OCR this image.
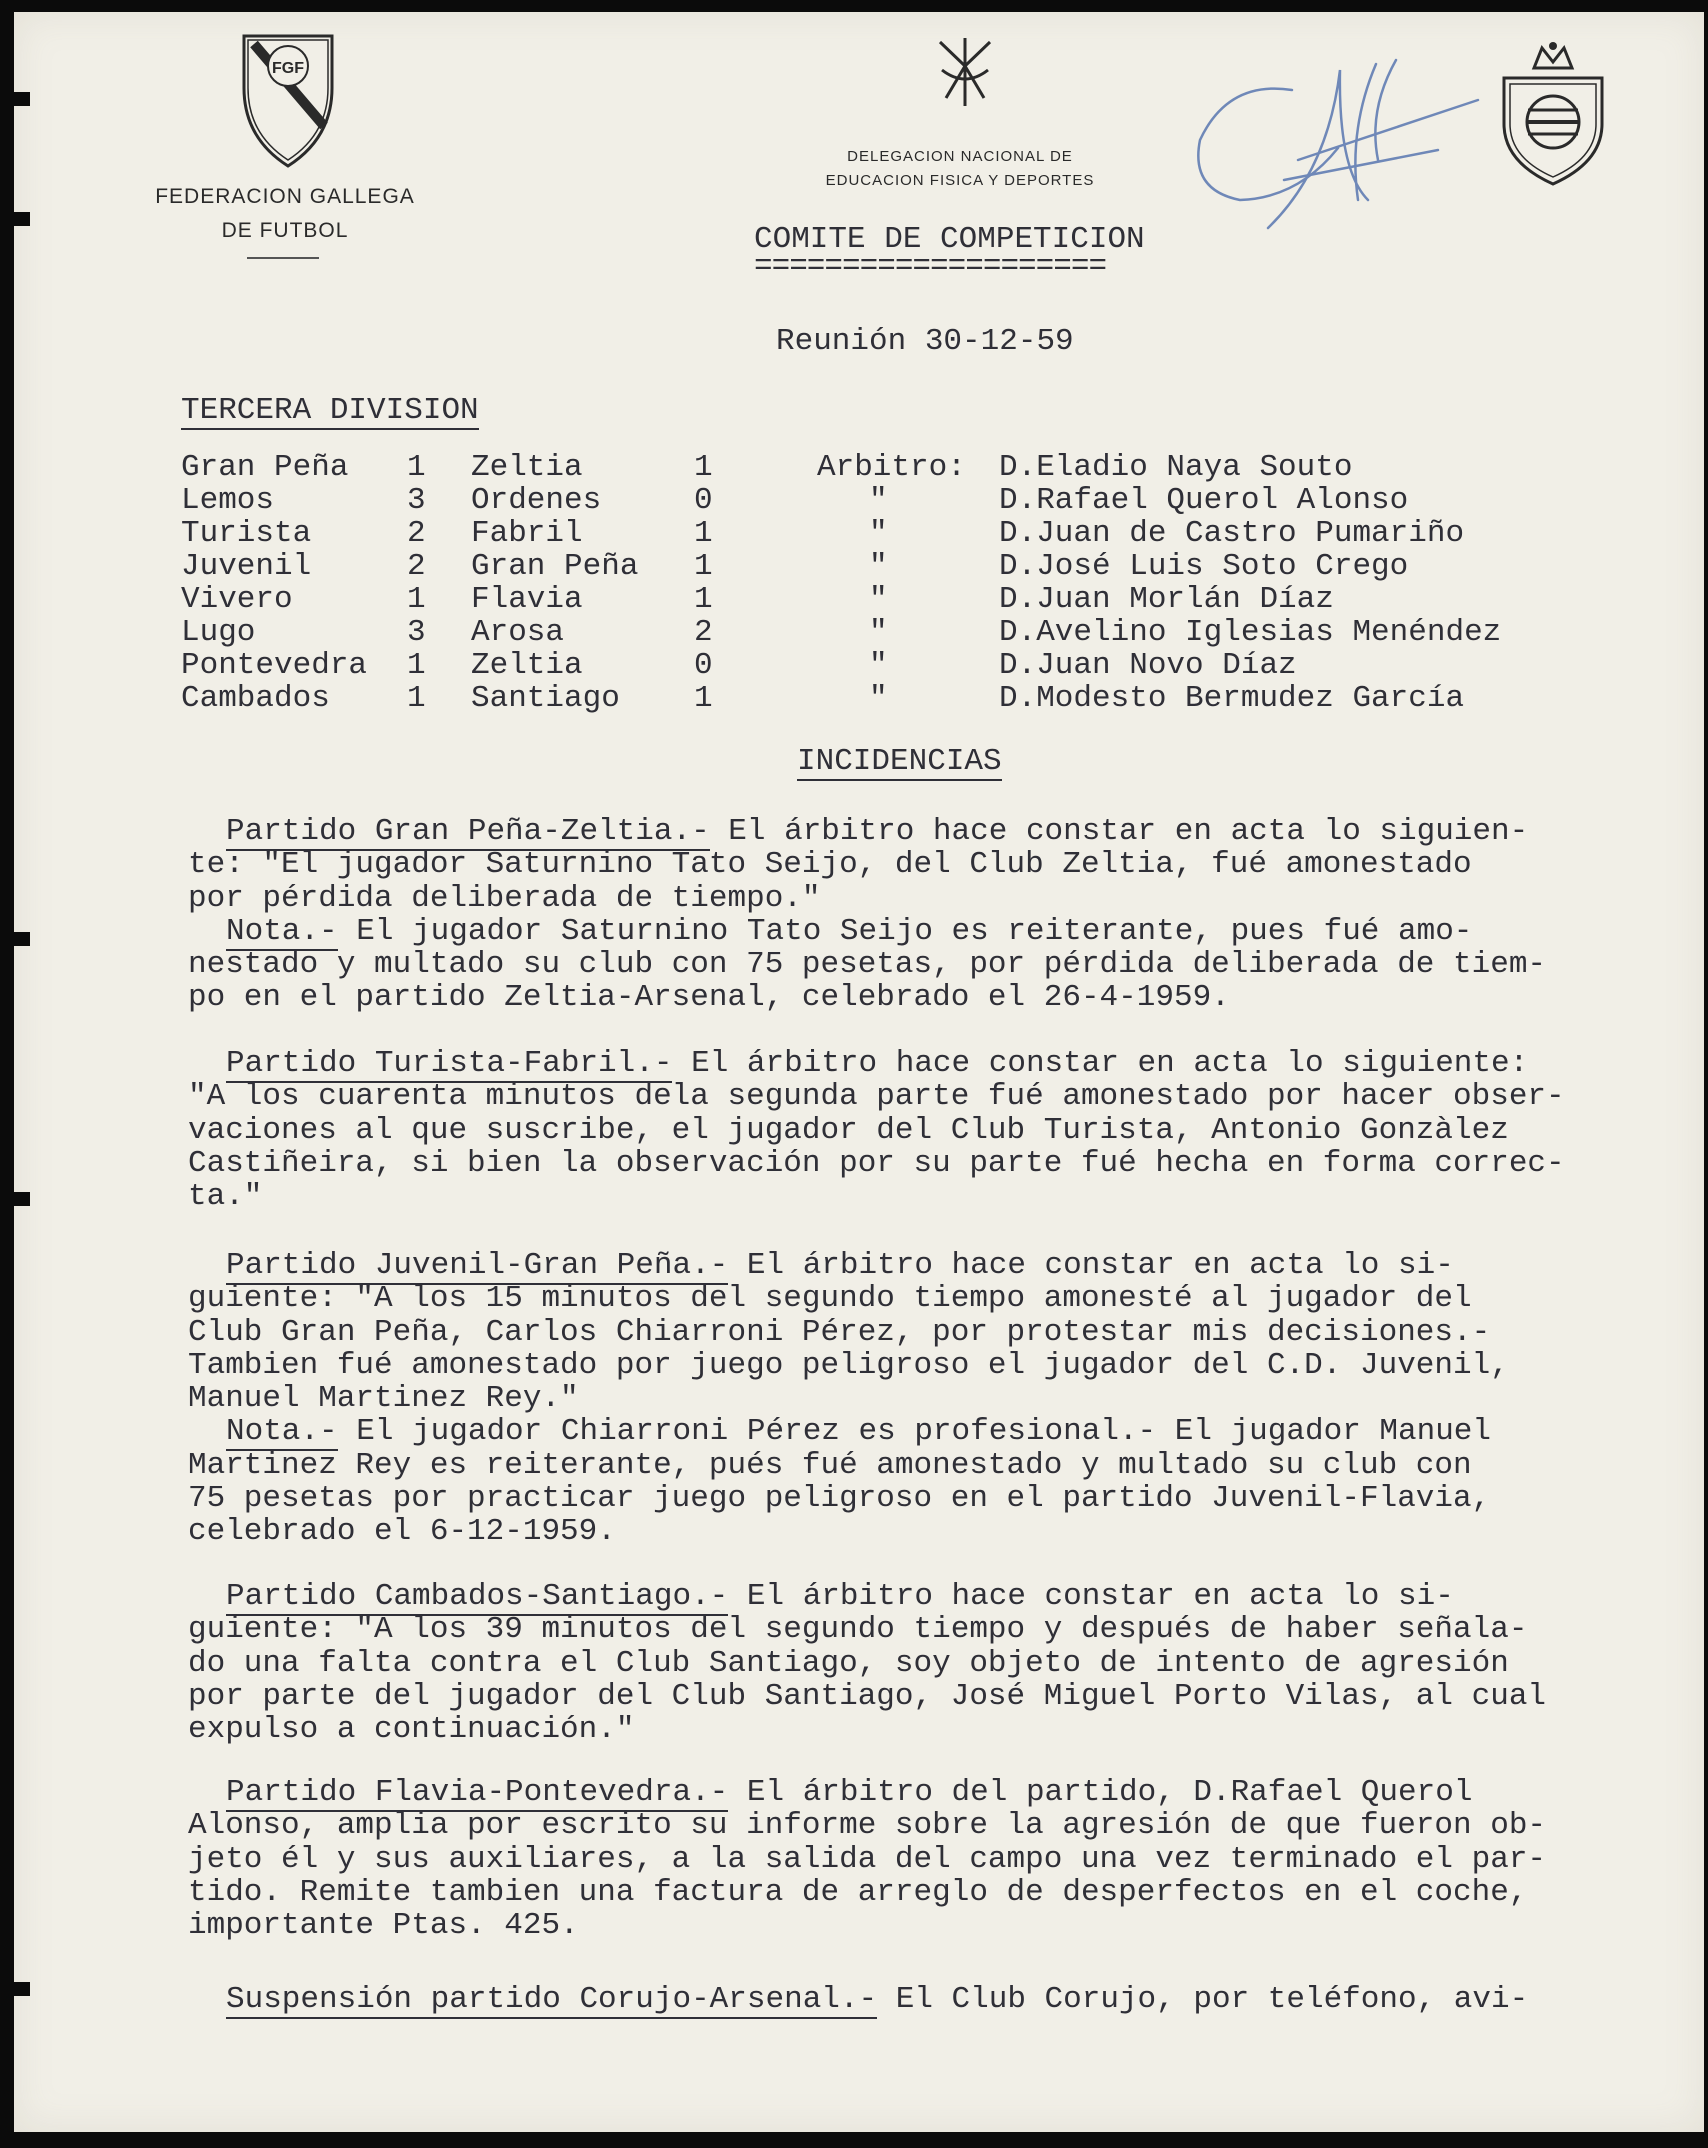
FGF
FEDERACION GALLEGA
DE FUTBOL
DELEGACION NACIONAL DE
EDUCACION FISICA Y DEPORTES
COMITE DE COMPETICION
====================
Reunión 30-12-59
TERCERA DIVISION
Gran Peña 1 Zeltia	1	Arbitro: D.Eladio Naya Souto
Lemos	3 Ordenes	0	"	D.Rafael Querol Alonso
Turista	2 Fabril	1	"	D.Juan de Castro Pumariño
Juvenil	2 Gran Peña 1	"	D.José Luis Soto Crego
Vivero	1 Flavia	1	"	D.Juan Morlán Díaz
Lugo	3 Arosa	2	"	D.Avelino Iglesias Menéndez
Pontevedra 1 Zeltia	0	"	D.Juan Novo Díaz
Cambados 1 Santiago 1	"	D.Modesto Bermudez García
INCIDENCIAS
Partido Gran Peña-Zeltia.- El árbitro hace constar en acta lo siguien-
te: "El jugador Saturnino Tato Seijo, del Club Zeltia, fué amonestado
por pérdida deliberada de tiempo."
Nota.- El jugador Saturnino Tato Seijo es reiterante, pues fué amo-
nestado y multado su club con 75 pesetas, por pérdida deliberada de tiem-
po en el partido Zeltia-Arsenal, celebrado el 26-4-1959.
Partido Turista-Fabril.- El árbitro hace constar en acta lo siguiente:
"A los cuarenta minutos dela segunda parte fué amonestado por hacer obser-
vaciones al que suscribe, el jugador del Club Turista, Antonio Gonzàlez
Castiñeira, si bien la observación por su parte fué hecha en forma correc-
ta."
Partido Juvenil-Gran Peña.- El árbitro hace constar en acta lo si-
guiente: "A los 15 minutos del segundo tiempo amonesté al jugador del
Club Gran Peña, Carlos Chiarroni Pérez, por protestar mis decisiones.-
Tambien fué amonestado por juego peligroso el jugador del C.D. Juvenil,
Manuel Martinez Rey."
Nota.- El jugador Chiarroni Pérez es profesional.- El jugador Manuel
Martinez Rey es reiterante, pués fué amonestado y multado su club con
75 pesetas por practicar juego peligroso en el partido Juvenil-Flavia,
celebrado el 6-12-1959.
Partido Cambados-Santiago.- El árbitro hace constar en acta lo si-
guiente: "A los 39 minutos del segundo tiempo y después de haber señala-
do una falta contra el Club Santiago, soy objeto de intento de agresión
por parte del jugador del Club Santiago, José Miguel Porto Vilas, al cual
expulso a continuación."
Partido Flavia-Pontevedra.- El árbitro del partido, D.Rafael Querol
Alonso, amplia por escrito su informe sobre la agresión de que fueron ob-
jeto él y sus auxiliares, a la salida del campo una vez terminado el par-
tido. Remite tambien una factura de arreglo de desperfectos en el coche,
importante Ptas. 425.
Suspensión partido Corujo-Arsenal.- El Club Corujo, por teléfono, avi-
